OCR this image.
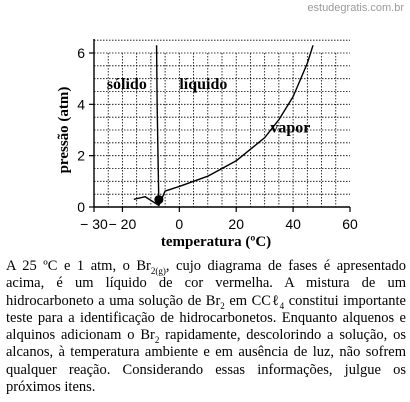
estudegratis.com.br
− 30 − 20	0	20	40	60
0
2
4
6
temperatura (ºC)
pressão (atm)
sólido líquido
vapor

A 25 ºC e 1 atm, o $Br_{2(g)}$, cujo diagrama de fases é apresentado acima, é um líquido de cor vermelha. A mistura de um hidrocarboneto a uma solução de $Br_2$ em CCℓ$_4$ constitui importante teste para a identificação de hidrocarbonetos. Enquanto alquenos e alquinos adicionam o $Br_2$ rapidamente, descolorindo a solução, os alcanos, à temperatura ambiente e em ausência de luz, não sofrem qualquer reação. Considerando essas informações, julgue os próximos itens.
